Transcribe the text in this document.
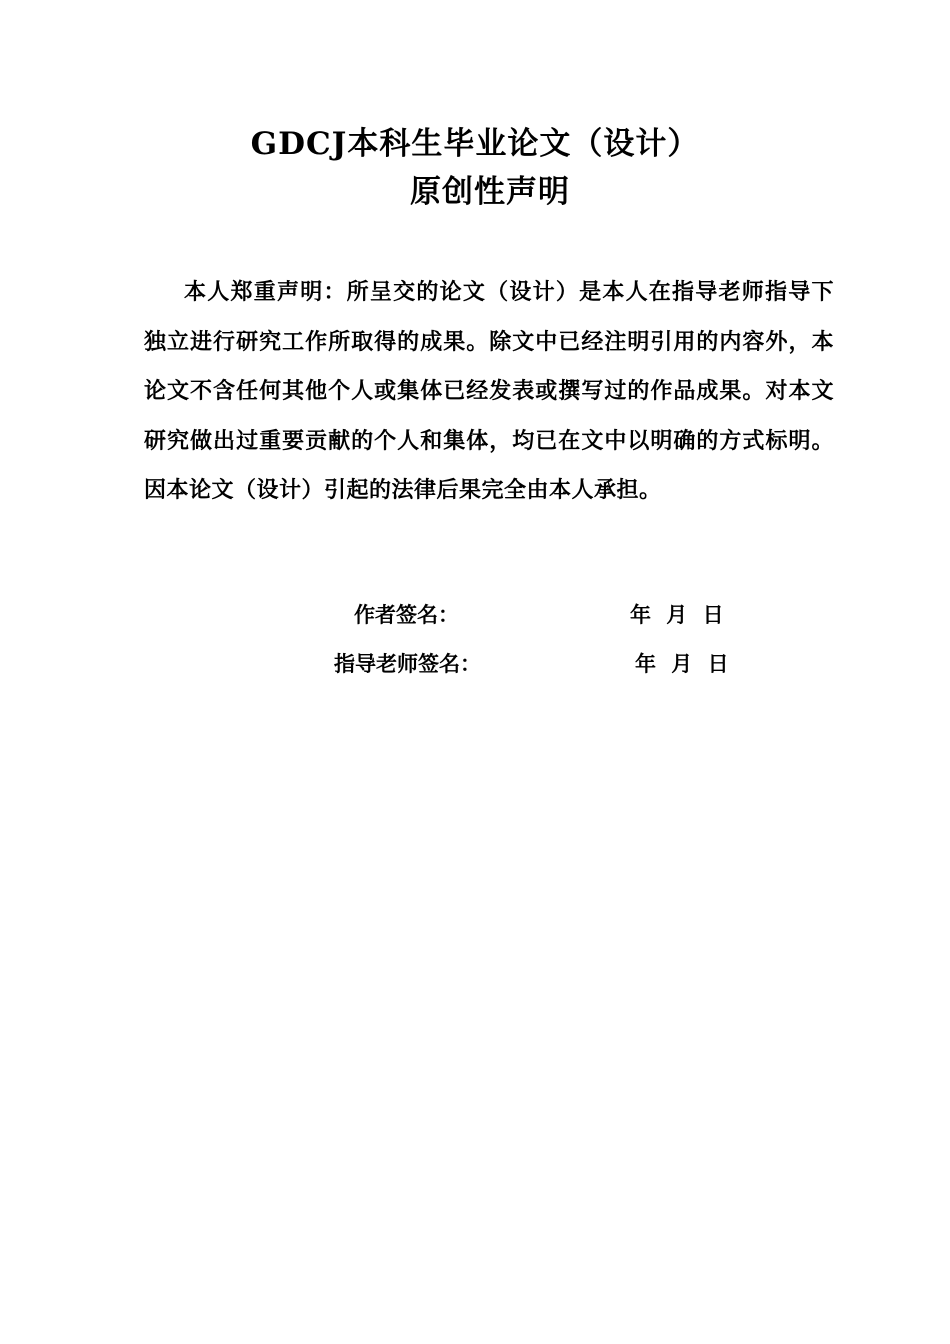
GDCJ本科生毕业论文（设计）
原创性声明

本人郑重声明：所呈交的论文（设计）是本人在指导老师指导下独立进行研究工作所取得的成果。除文中已经注明引用的内容外，本论文不含任何其他个人或集体已经发表或撰写过的作品成果。对本文研究做出过重要贡献的个人和集体，均已在文中以明确的方式标明。因本论文（设计）引起的法律后果完全由本人承担。

作者签名：	年 月 日
指导老师签名：	年 月 日
